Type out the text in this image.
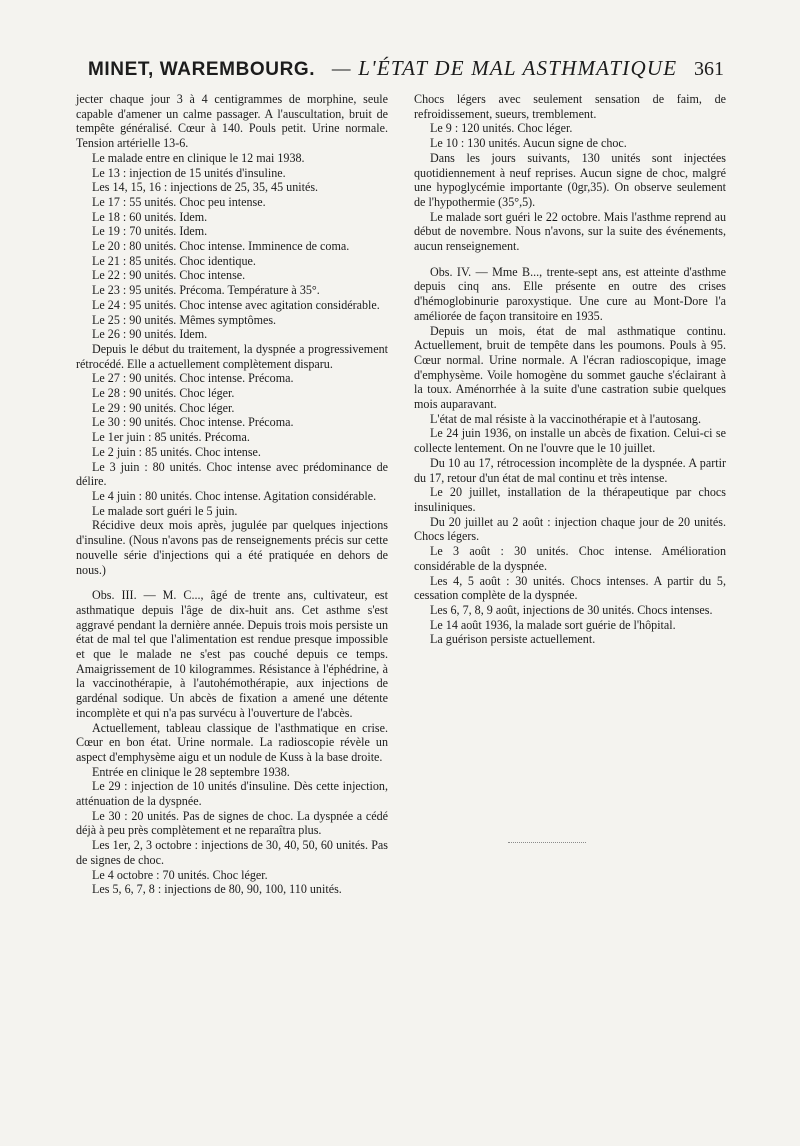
MINET, WAREMBOURG. — L'ÉTAT DE MAL ASTHMATIQUE 361

jecter chaque jour 3 à 4 centigrammes de morphine, seule capable d'amener un calme passager. A l'auscultation, bruit de tempête généralisé. Cœur à 140. Pouls petit. Urine normale. Tension artérielle 13-6.

Le malade entre en clinique le 12 mai 1938.

Le 13 : injection de 15 unités d'insuline.

Les 14, 15, 16 : injections de 25, 35, 45 unités.

Le 17 : 55 unités. Choc peu intense.

Le 18 : 60 unités. Idem.

Le 19 : 70 unités. Idem.

Le 20 : 80 unités. Choc intense. Imminence de coma.

Le 21 : 85 unités. Choc identique.

Le 22 : 90 unités. Choc intense.

Le 23 : 95 unités. Précoma. Température à 35°.

Le 24 : 95 unités. Choc intense avec agitation considérable.

Le 25 : 90 unités. Mêmes symptômes.

Le 26 : 90 unités. Idem.

Depuis le début du traitement, la dyspnée a progressivement rétrocédé. Elle a actuellement complètement disparu.

Le 27 : 90 unités. Choc intense. Précoma.

Le 28 : 90 unités. Choc léger.

Le 29 : 90 unités. Choc léger.

Le 30 : 90 unités. Choc intense. Précoma.

Le 1er juin : 85 unités. Précoma.

Le 2 juin : 85 unités. Choc intense.

Le 3 juin : 80 unités. Choc intense avec prédominance de délire.

Le 4 juin : 80 unités. Choc intense. Agitation considérable.

Le malade sort guéri le 5 juin.

Récidive deux mois après, jugulée par quelques injections d'insuline. (Nous n'avons pas de renseignements précis sur cette nouvelle série d'injections qui a été pratiquée en dehors de nous.)

Obs. III. — M. C..., âgé de trente ans, cultivateur, est asthmatique depuis l'âge de dix-huit ans. Cet asthme s'est aggravé pendant la dernière année. Depuis trois mois persiste un état de mal tel que l'alimentation est rendue presque impossible et que le malade ne s'est pas couché depuis ce temps. Amaigrissement de 10 kilogrammes. Résistance à l'éphédrine, à la vaccinothérapie, à l'autohémothérapie, aux injections de gardénal sodique. Un abcès de fixation a amené une détente incomplète et qui n'a pas survécu à l'ouverture de l'abcès.

Actuellement, tableau classique de l'asthmatique en crise. Cœur en bon état. Urine normale. La radioscopie révèle un aspect d'emphysème aigu et un nodule de Kuss à la base droite.

Entrée en clinique le 28 septembre 1938.

Le 29 : injection de 10 unités d'insuline. Dès cette injection, atténuation de la dyspnée.

Le 30 : 20 unités. Pas de signes de choc. La dyspnée a cédé déjà à peu près complètement et ne reparaîtra plus.

Les 1er, 2, 3 octobre : injections de 30, 40, 50, 60 unités. Pas de signes de choc.

Le 4 octobre : 70 unités. Choc léger.

Les 5, 6, 7, 8 : injections de 80, 90, 100, 110 unités.

Chocs légers avec seulement sensation de faim, de refroidissement, sueurs, tremblement.

Le 9 : 120 unités. Choc léger.

Le 10 : 130 unités. Aucun signe de choc.

Dans les jours suivants, 130 unités sont injectées quotidiennement à neuf reprises. Aucun signe de choc, malgré une hypoglycémie importante (0gr,35). On observe seulement de l'hypothermie (35°,5).

Le malade sort guéri le 22 octobre. Mais l'asthme reprend au début de novembre. Nous n'avons, sur la suite des événements, aucun renseignement.

Obs. IV. — Mme B..., trente-sept ans, est atteinte d'asthme depuis cinq ans. Elle présente en outre des crises d'hémoglobinurie paroxystique. Une cure au Mont-Dore l'a améliorée de façon transitoire en 1935.

Depuis un mois, état de mal asthmatique continu. Actuellement, bruit de tempête dans les poumons. Pouls à 95. Cœur normal. Urine normale. A l'écran radioscopique, image d'emphysème. Voile homogène du sommet gauche s'éclairant à la toux. Aménorrhée à la suite d'une castration subie quelques mois auparavant.

L'état de mal résiste à la vaccinothérapie et à l'autosang.

Le 24 juin 1936, on installe un abcès de fixation. Celui-ci se collecte lentement. On ne l'ouvre que le 10 juillet.

Du 10 au 17, rétrocession incomplète de la dyspnée. A partir du 17, retour d'un état de mal continu et très intense.

Le 20 juillet, installation de la thérapeutique par chocs insuliniques.

Du 20 juillet au 2 août : injection chaque jour de 20 unités. Chocs légers.

Le 3 août : 30 unités. Choc intense. Amélioration considérable de la dyspnée.

Les 4, 5 août : 30 unités. Chocs intenses. A partir du 5, cessation complète de la dyspnée.

Les 6, 7, 8, 9 août, injections de 30 unités. Chocs intenses.

Le 14 août 1936, la malade sort guérie de l'hôpital.

La guérison persiste actuellement.
